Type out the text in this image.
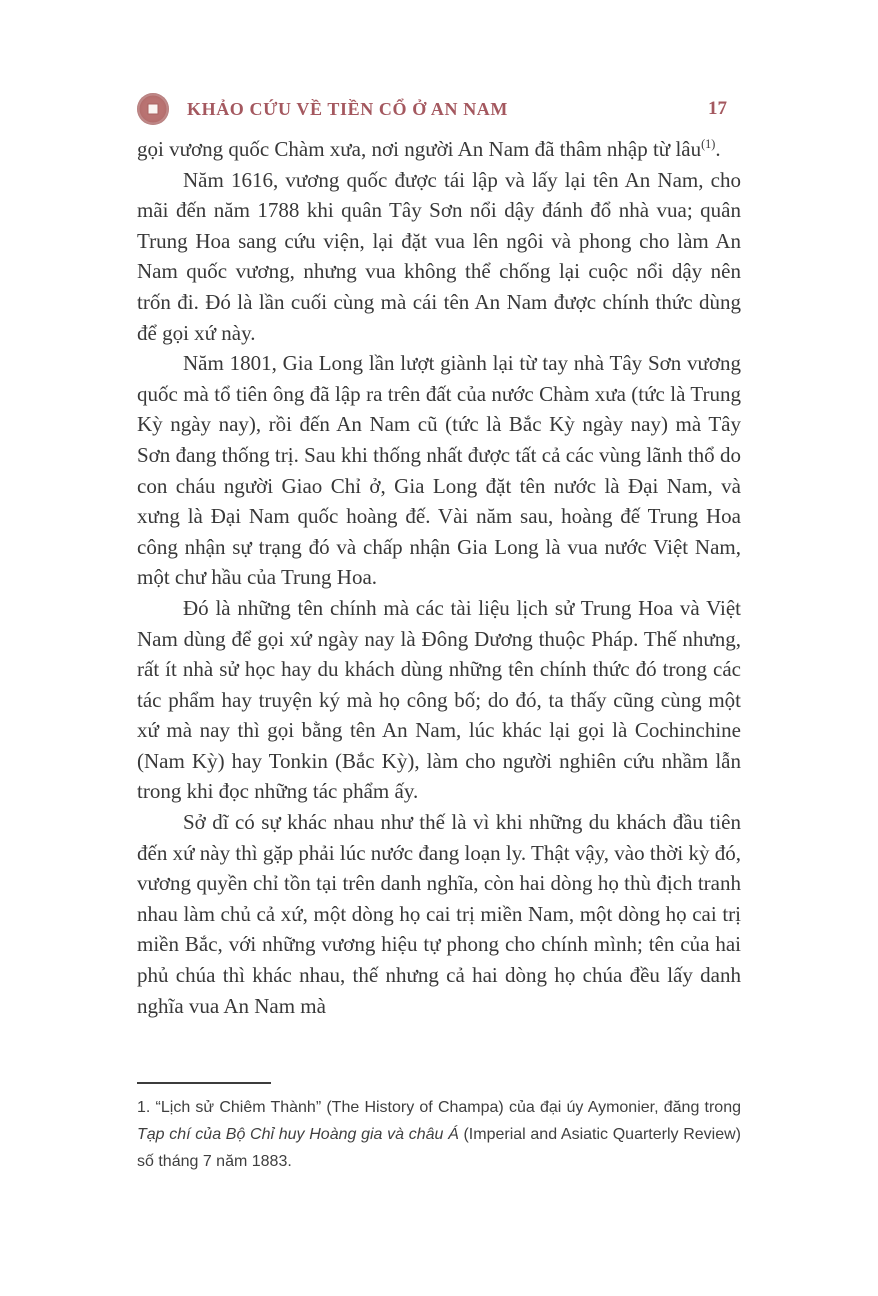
KHẢO CỨU VỀ TIỀN CỔ Ở AN NAM	17

gọi vương quốc Chàm xưa, nơi người An Nam đã thâm nhập từ lâu$^{(1)}$.

Năm 1616, vương quốc được tái lập và lấy lại tên An Nam, cho mãi đến năm 1788 khi quân Tây Sơn nổi dậy đánh đổ nhà vua; quân Trung Hoa sang cứu viện, lại đặt vua lên ngôi và phong cho làm An Nam quốc vương, nhưng vua không thể chống lại cuộc nổi dậy nên trốn đi. Đó là lần cuối cùng mà cái tên An Nam được chính thức dùng để gọi xứ này.

Năm 1801, Gia Long lần lượt giành lại từ tay nhà Tây Sơn vương quốc mà tổ tiên ông đã lập ra trên đất của nước Chàm xưa (tức là Trung Kỳ ngày nay), rồi đến An Nam cũ (tức là Bắc Kỳ ngày nay) mà Tây Sơn đang thống trị. Sau khi thống nhất được tất cả các vùng lãnh thổ do con cháu người Giao Chỉ ở, Gia Long đặt tên nước là Đại Nam, và xưng là Đại Nam quốc hoàng đế. Vài năm sau, hoàng đế Trung Hoa công nhận sự trạng đó và chấp nhận Gia Long là vua nước Việt Nam, một chư hầu của Trung Hoa.

Đó là những tên chính mà các tài liệu lịch sử Trung Hoa và Việt Nam dùng để gọi xứ ngày nay là Đông Dương thuộc Pháp. Thế nhưng, rất ít nhà sử học hay du khách dùng những tên chính thức đó trong các tác phẩm hay truyện ký mà họ công bố; do đó, ta thấy cũng cùng một xứ mà nay thì gọi bằng tên An Nam, lúc khác lại gọi là Cochinchine (Nam Kỳ) hay Tonkin (Bắc Kỳ), làm cho người nghiên cứu nhầm lẫn trong khi đọc những tác phẩm ấy.

Sở dĩ có sự khác nhau như thế là vì khi những du khách đầu tiên đến xứ này thì gặp phải lúc nước đang loạn ly. Thật vậy, vào thời kỳ đó, vương quyền chỉ tồn tại trên danh nghĩa, còn hai dòng họ thù địch tranh nhau làm chủ cả xứ, một dòng họ cai trị miền Nam, một dòng họ cai trị miền Bắc, với những vương hiệu tự phong cho chính mình; tên của hai phủ chúa thì khác nhau, thế nhưng cả hai dòng họ chúa đều lấy danh nghĩa vua An Nam mà

1. “Lịch sử Chiêm Thành” (The History of Champa) của đại úy Aymonier, đăng trong Tạp chí của Bộ Chỉ huy Hoàng gia và châu Á (Imperial and Asiatic Quarterly Review) số tháng 7 năm 1883.
